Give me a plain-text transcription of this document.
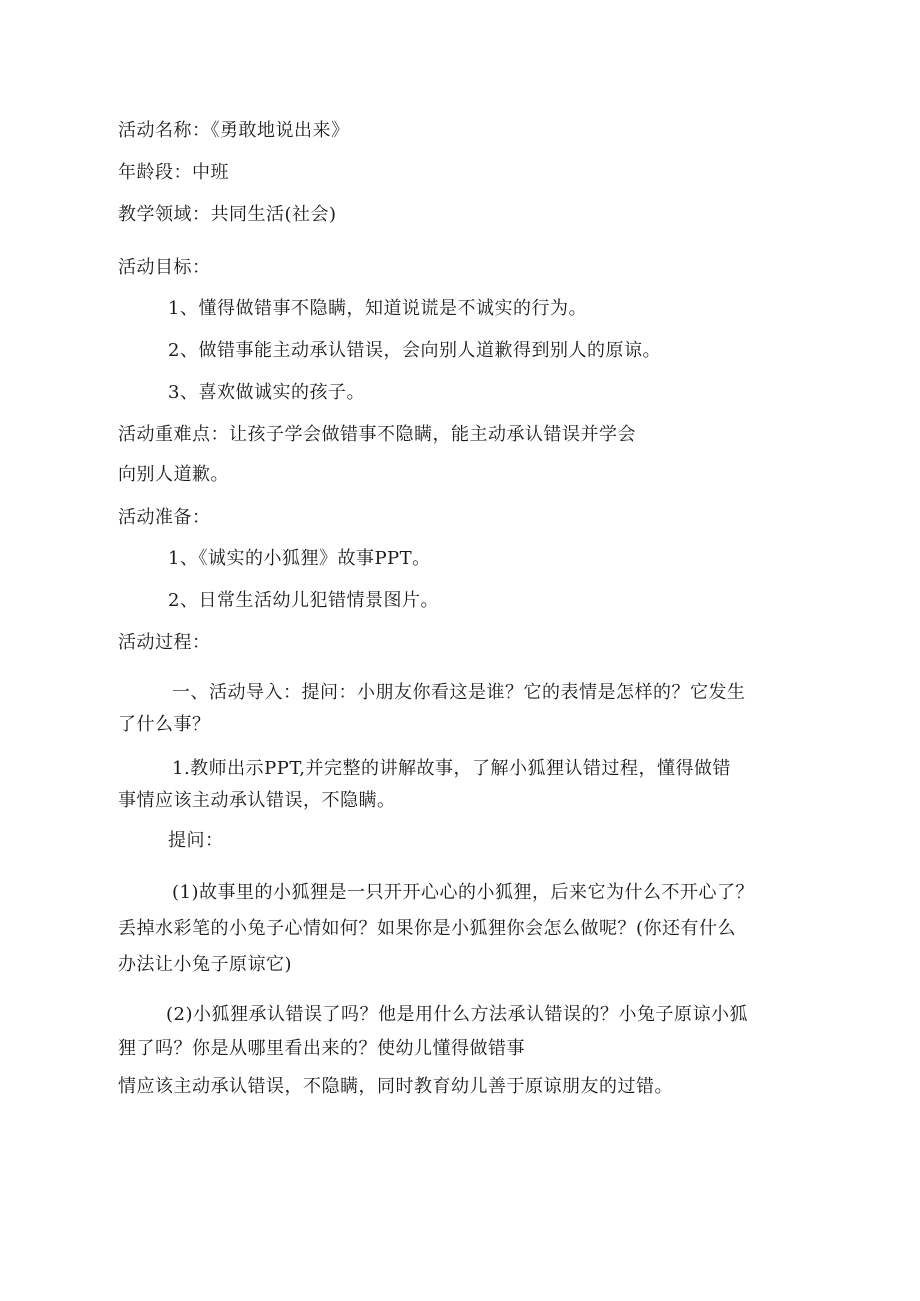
活动名称：《勇敢地说出来》
年龄段：中班
教学领域：共同生活(社会)
活动目标：
1、懂得做错事不隐瞒，知道说谎是不诚实的行为。
2、做错事能主动承认错误，会向别人道歉得到别人的原谅。
3、喜欢做诚实的孩子。
活动重难点：让孩子学会做错事不隐瞒，能主动承认错误并学会
向别人道歉。
活动准备：
1、《诚实的小狐狸》故事PPT。
2、日常生活幼儿犯错情景图片。
活动过程：
一、活动导入：提问：小朋友你看这是谁？它的表情是怎样的？它发生
了什么事？
1.教师出示PPT,并完整的讲解故事，了解小狐狸认错过程，懂得做错
事情应该主动承认错误，不隐瞒。
提问：
(1)故事里的小狐狸是一只开开心心的小狐狸，后来它为什么不开心了？
丢掉水彩笔的小兔子心情如何？如果你是小狐狸你会怎么做呢？(你还有什么
办法让小兔子原谅它)
(2)小狐狸承认错误了吗？他是用什么方法承认错误的？小兔子原谅小狐
狸了吗？你是从哪里看出来的？使幼儿懂得做错事
情应该主动承认错误，不隐瞒，同时教育幼儿善于原谅朋友的过错。
